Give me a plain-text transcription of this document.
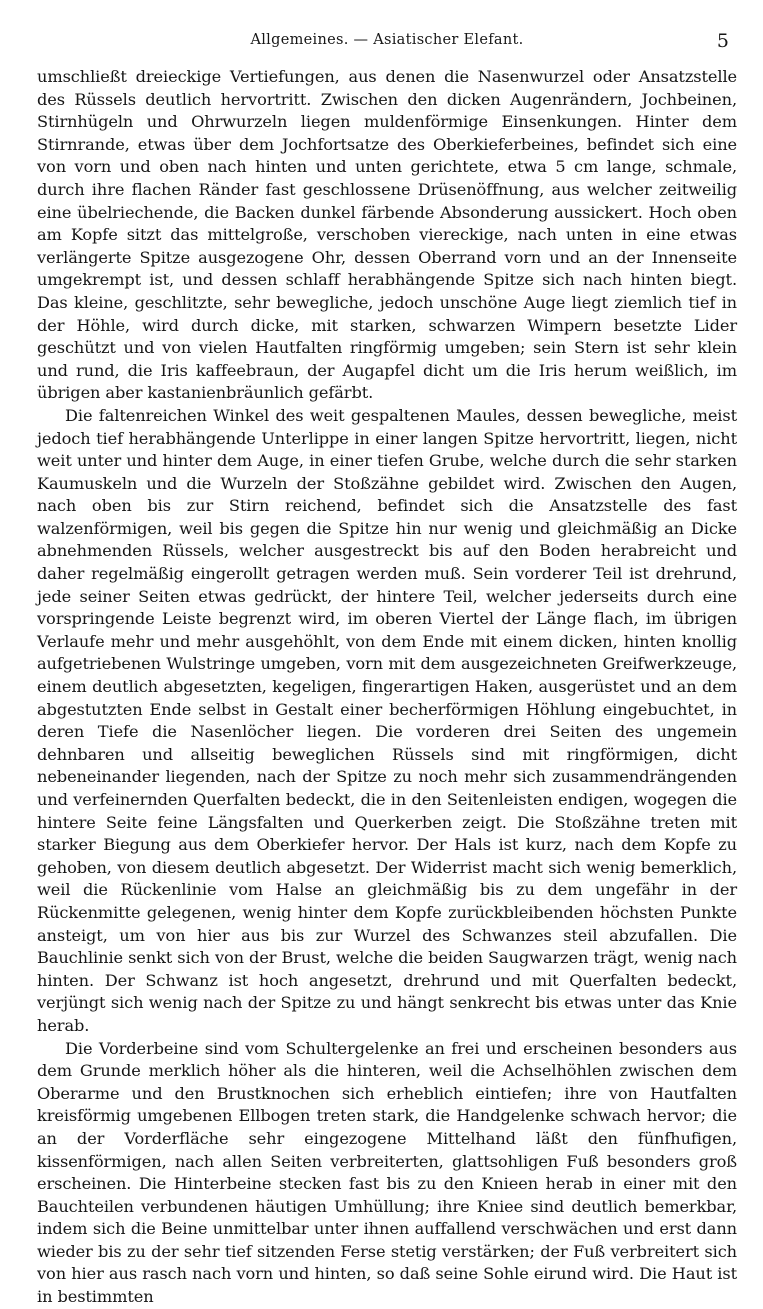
Allgemeines. — Asiatischer Elefant.	5

umschließt dreieckige Vertiefungen, aus denen die Nasenwurzel oder Ansatzstelle des Rüssels deutlich hervortritt. Zwischen den dicken Augenrändern, Jochbeinen, Stirnhügeln und Ohrwurzeln liegen muldenförmige Einsenkungen. Hinter dem Stirnrande, etwas über dem Jochfortsatze des Oberkieferbeines, befindet sich eine von vorn und oben nach hinten und unten gerichtete, etwa 5 cm lange, schmale, durch ihre flachen Ränder fast geschlossene Drüsenöffnung, aus welcher zeitweilig eine übelriechende, die Backen dunkel färbende Absonderung aussickert. Hoch oben am Kopfe sitzt das mittelgroße, verschoben viereckige, nach unten in eine etwas verlängerte Spitze ausgezogene Ohr, dessen Oberrand vorn und an der Innenseite umgekrempt ist, und dessen schlaff herabhängende Spitze sich nach hinten biegt. Das kleine, geschlitzte, sehr bewegliche, jedoch unschöne Auge liegt ziemlich tief in der Höhle, wird durch dicke, mit starken, schwarzen Wimpern besetzte Lider geschützt und von vielen Hautfalten ringförmig umgeben; sein Stern ist sehr klein und rund, die Iris kaffeebraun, der Augapfel dicht um die Iris herum weißlich, im übrigen aber kastanienbräunlich gefärbt.

Die faltenreichen Winkel des weit gespaltenen Maules, dessen bewegliche, meist jedoch tief herabhängende Unterlippe in einer langen Spitze hervortritt, liegen, nicht weit unter und hinter dem Auge, in einer tiefen Grube, welche durch die sehr starken Kaumuskeln und die Wurzeln der Stoßzähne gebildet wird. Zwischen den Augen, nach oben bis zur Stirn reichend, befindet sich die Ansatzstelle des fast walzenförmigen, weil bis gegen die Spitze hin nur wenig und gleichmäßig an Dicke abnehmenden Rüssels, welcher ausgestreckt bis auf den Boden herabreicht und daher regelmäßig eingerollt getragen werden muß. Sein vorderer Teil ist drehrund, jede seiner Seiten etwas gedrückt, der hintere Teil, welcher jederseits durch eine vorspringende Leiste begrenzt wird, im oberen Viertel der Länge flach, im übrigen Verlaufe mehr und mehr ausgehöhlt, von dem Ende mit einem dicken, hinten knollig aufgetriebenen Wulstringe umgeben, vorn mit dem ausgezeichneten Greifwerkzeuge, einem deutlich abgesetzten, kegeligen, fingerartigen Haken, ausgerüstet und an dem abgestutzten Ende selbst in Gestalt einer becherförmigen Höhlung eingebuchtet, in deren Tiefe die Nasenlöcher liegen. Die vorderen drei Seiten des ungemein dehnbaren und allseitig beweglichen Rüssels sind mit ringförmigen, dicht nebeneinander liegenden, nach der Spitze zu noch mehr sich zusammendrängenden und verfeinernden Querfalten bedeckt, die in den Seitenleisten endigen, wogegen die hintere Seite feine Längsfalten und Querkerben zeigt. Die Stoßzähne treten mit starker Biegung aus dem Oberkiefer hervor. Der Hals ist kurz, nach dem Kopfe zu gehoben, von diesem deutlich abgesetzt. Der Widerrist macht sich wenig bemerklich, weil die Rückenlinie vom Halse an gleichmäßig bis zu dem ungefähr in der Rückenmitte gelegenen, wenig hinter dem Kopfe zurückbleibenden höchsten Punkte ansteigt, um von hier aus bis zur Wurzel des Schwanzes steil abzufallen. Die Bauchlinie senkt sich von der Brust, welche die beiden Saugwarzen trägt, wenig nach hinten. Der Schwanz ist hoch angesetzt, drehrund und mit Querfalten bedeckt, verjüngt sich wenig nach der Spitze zu und hängt senkrecht bis etwas unter das Knie herab.

Die Vorderbeine sind vom Schultergelenke an frei und erscheinen besonders aus dem Grunde merklich höher als die hinteren, weil die Achselhöhlen zwischen dem Oberarme und den Brustknochen sich erheblich eintiefen; ihre von Hautfalten kreisförmig umgebenen Ellbogen treten stark, die Handgelenke schwach hervor; die an der Vorderfläche sehr eingezogene Mittelhand läßt den fünfhufigen, kissenförmigen, nach allen Seiten verbreiterten, glattsohligen Fuß besonders groß erscheinen. Die Hinterbeine stecken fast bis zu den Knieen herab in einer mit den Bauchteilen verbundenen häutigen Umhüllung; ihre Kniee sind deutlich bemerkbar, indem sich die Beine unmittelbar unter ihnen auffallend verschwächen und erst dann wieder bis zu der sehr tief sitzenden Ferse stetig verstärken; der Fuß verbreitert sich von hier aus rasch nach vorn und hinten, so daß seine Sohle eirund wird. Die Haut ist in bestimmten
